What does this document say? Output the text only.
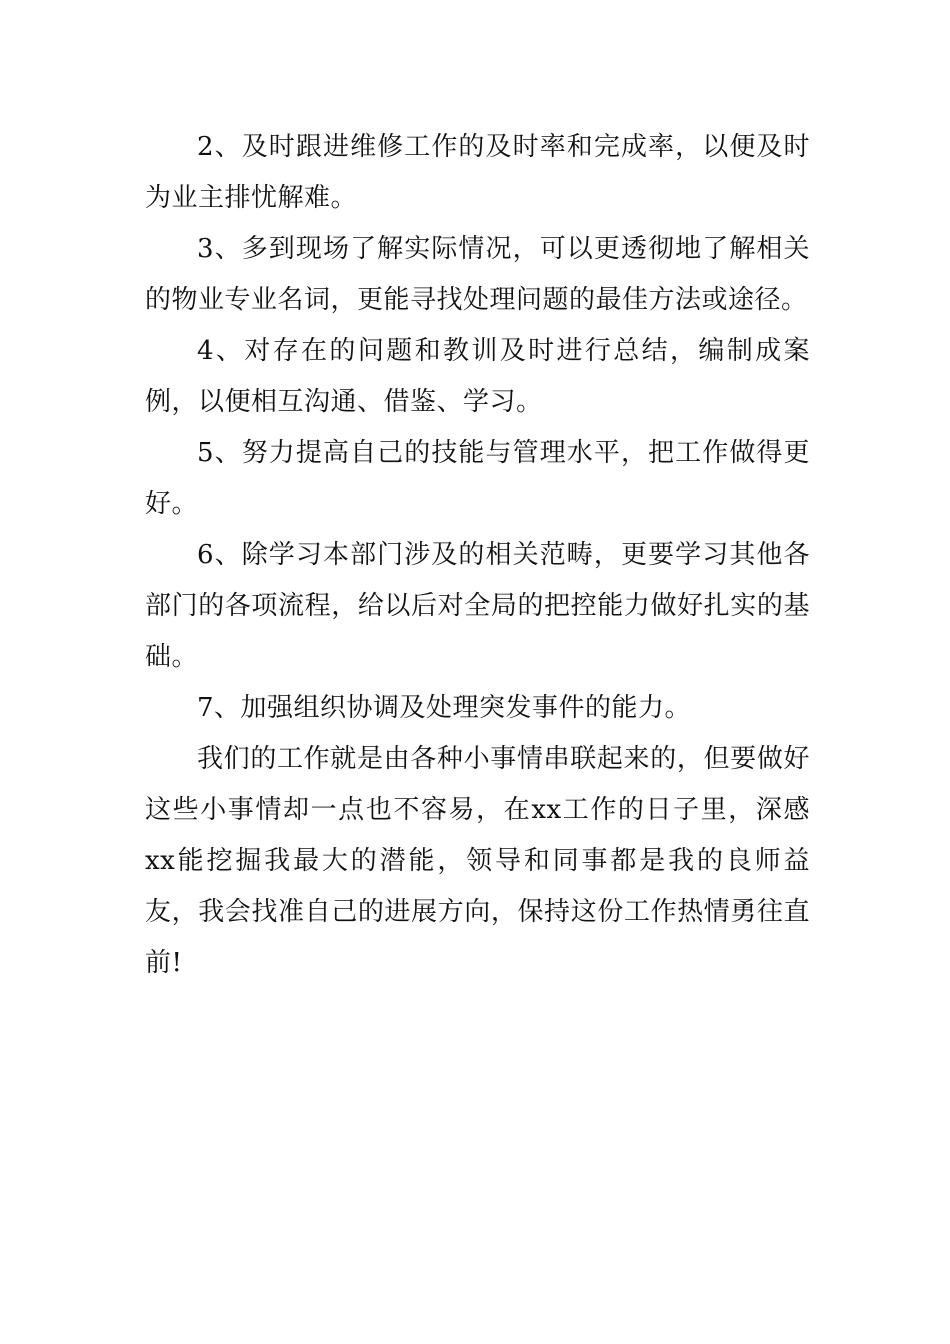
2、及时跟进维修工作的及时率和完成率，以便及时为业主排忧解难。

3、多到现场了解实际情况，可以更透彻地了解相关的物业专业名词，更能寻找处理问题的最佳方法或途径。

4、对存在的问题和教训及时进行总结，编制成案例，以便相互沟通、借鉴、学习。

5、努力提高自己的技能与管理水平，把工作做得更好。

6、除学习本部门涉及的相关范畴，更要学习其他各部门的各项流程，给以后对全局的把控能力做好扎实的基础。

7、加强组织协调及处理突发事件的能力。

我们的工作就是由各种小事情串联起来的，但要做好这些小事情却一点也不容易，在xx工作的日子里，深感xx能挖掘我最大的潜能，领导和同事都是我的良师益友，我会找准自己的进展方向，保持这份工作热情勇往直前!
